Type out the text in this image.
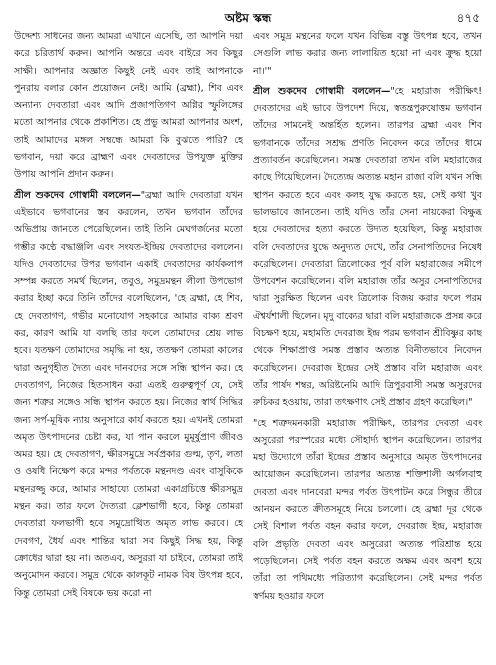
অষ্টম স্কন্ধ	৪৭৫

উদ্দেশ্য সাধনের জন্য আমরা এখানে এসেছি, তা আপনি দয়া করে চরিতার্থ করুন। আপনি অন্তরে এবং বাইরে সব কিছুর সাক্ষী। আপনার অজ্ঞাত কিছুই নেই এবং তাই আপনাকে পুনরায় বলার কোন প্রয়োজন নেই। আমি (ব্রহ্মা), শিব এবং অন্যান্য দেবতারা এবং আদি প্রজাপতিগণ অগ্নির স্ফুলিঙ্গের মতো আপনার থেকে প্রকাশিত। হে প্রভু আমরা আপনার অংশ, তাই আমাদের মঙ্গল সম্বন্ধে আমরা কি বুঝতে পারি? হে ভগবান, দয়া করে ব্রাহ্মণ এবং দেবতাদের উপযুক্ত মুক্তির উপায় আপনি প্রদান করুন।

শ্রীল শুকদেব গোস্বামী বললেন—"ব্রহ্মা আদি দেবতারা যখন এইভাবে ভগবানের স্তব করলেন, তখন ভগবান তাঁদের অভিপ্রায় জানতে পেরেছিলেন। তাই তিনি মেঘগর্জনের মতো গম্ভীর কণ্ঠে বদ্ধাঞ্জলি এবং সংযত-ইন্দ্রিয় দেবতাদের বললেন। যদিও দেবতাদের উপর ভগবান একাই দেবতাদের কার্যকলাপ সম্পন্ন করতে সমর্থ ছিলেন, তবুও, সমুদ্রমন্থন লীলা উপভোগ করার ইচ্ছা করে তিনি তাঁদের বলেছিলেন, 'হে ব্রহ্মা, হে শিব, হে দেবতাগণ, গভীর মনোযোগ সহকারে আমার বাক্য শ্রবণ কর, কারণ আমি যা বলছি তার ফলে তোমাদের শ্রেয় লাভ হবে। যতক্ষণ তোমাদের সমৃদ্ধি না হয়, ততক্ষণ তোমরা কালের দ্বারা অনুগৃহীত দৈত্য এবং দানবদের সঙ্গে সন্ধি স্থাপন কর। হে দেবতাগণ, নিজের হিতসাধন করা এতই গুরুত্বপূর্ণ যে, সেই জন্য শত্রুর সঙ্গেও সন্ধি স্থাপন করতে হয়। নিজের স্বার্থ সিদ্ধির জন্য সর্প-মূষিক ন্যায় অনুসারে কার্য করতে হয়। এখনই তোমরা অমৃত উৎপাদনের চেষ্টা কর, যা পান করলে মুমূর্ষুপ্রাণ জীবও অমর হয়। হে দেবতাগণ, ক্ষীরসমুদ্রে সর্বপ্রকার গুল্ম, তৃণ, লতা ও ওষধি নিক্ষেপ করে মন্দর পর্বতকে মন্থনদণ্ড এবং বাসুকিকে মন্থনরজ্জু করে, আমার সাহায্যে তোমরা একাগ্রচিত্তে ক্ষীরসমুদ্র মন্থন কর। তার ফলে দৈত্যরা ক্লেশভাগী হবে, কিন্তু তোমরা দেবতারা ফলভাগী হবে সমুদ্রোত্থিত অমৃত লাভ করবে। হে দেবগণ, ধৈর্য এবং শান্তির দ্বারা সব কিছুই সিদ্ধ হয়, কিন্তু ক্রোধের দ্বারা হয় না। অতএব, অসুররা যা চাইবে, তোমরা তাই অনুমোদন করবে। সমুদ্র থেকে কালকূট নামক বিষ উৎপন্ন হবে, কিন্তু তোমরা সেই বিষকে ভয় করো না

এবং সমুদ্র মন্থনের ফলে যখন বিভিন্ন বস্তু উৎপন্ন হবে, তখন সেগুলি লাভ করার জন্য লালায়িত হয়ো না এবং ক্রুদ্ধ হয়ো না।'"

শ্রীল শুকদেব গোস্বামী বললেন—"হে মহারাজ পরীক্ষিৎ! দেবতাদের এই ভাবে উপদেশ দিয়ে, স্বতন্ত্রপুরুষোত্তম ভগবান তাঁদের সামনেই অন্তর্হিত হলেন। তারপর ব্রহ্মা এবং শিব ভগবানকে তাঁদের সশ্রদ্ধ প্রণতি নিবেদন করে তাঁদের ধামে প্রত্যাবর্তন করেছিলেন। সমস্ত দেবতারা তখন বলি মহারাজের কাছে গিয়েছিলেন। দৈত্যেন্দ্র অত্যন্ত মহান রাজা বলি যখন সন্ধি স্থাপন করতে হবে এবং কলহ যুদ্ধ করতে হয়, সেই কথা খুব ভালভাবে জানতেন। তাই যদিও তাঁর সেনা নায়কেরা বিক্ষুব্ধ হয়ে দেবতাদের হত্যা করতে উদ্যত হয়েছিল, কিন্তু মহারাজ বলি দেবতাদের যুদ্ধে অনুদ্যত দেখে, তাঁর সেনাপতিদের নিষেধ করেছিলেন। দেবতারা ত্রিলোকের পূর্ব বলি মহারাজের সমীপে উপবেশন করেছিলেন। বলি মহারাজ তাঁর অসুর সেনাপতিদের দ্বারা সুরক্ষিত ছিলেন এবং ত্রিলোক বিজয় করার ফলে পরম ঐশ্বর্যশালী ছিলেন। মৃদু বাক্যের দ্বারা বলি মহারাজকে প্রসন্ন করে বিচক্ষণ হয়ে, মহামতি দেবরাজ ইন্দ্র পরম ভগবান শ্রীবিষ্ণুর কাছ থেকে শিক্ষাপ্রাপ্ত সমস্ত প্রস্তাব অত্যন্ত বিনীতভাবে নিবেদন করেছিলেন। দেবরাজ ইন্দ্রের সেই প্রস্তাব বলি মহারাজ এবং তাঁর পার্ষদ শম্বর, অরিষ্টনেমি আদি ত্রিপুরবাসী সমস্ত অসুরদের রুচিকর হওয়ায়, তারা তৎক্ষণাৎ সেই প্রস্তাব গ্রহণ করেছিল।"

"হে শত্রুদমনকারী মহারাজ পরীক্ষিৎ, তারপর দেবতা এবং অসুরেরা পরস্পরের মধ্যে সৌহার্দ্য স্থাপন করেছিলেন। তারপর মহা উদ্যোগে তাঁরা ইন্দ্রের প্রস্তাব অনুসারে অমৃত উৎপাদনের আয়োজন করেছিলেন। তারপর অত্যন্ত শক্তিশালী অর্গলবাহু দেবতা এবং দানবেরা মন্দর পর্বত উৎপাটন করে সিন্ধুর তীরে আনয়ন করতে ক্রীতসমূহে নিয়ে চললো। হে ব্রহ্মা দূর থেকে সেই বিশাল পর্বত বহন করার ফলে, দেবরাজ ইন্দ্র, মহারাজ বলি প্রভৃতি দেবতা এবং অসুরেরা অত্যন্ত পরিশ্রান্ত হয়ে পড়েছিলেন। সেই পর্বত বহন করতে অক্ষম এবং অবশ হয়ে তাঁরা তা পথিমধ্যে পরিত্যাগ করেছিলেন। সেই মন্দর পর্বত স্বর্ণময় হওয়ার ফলে
